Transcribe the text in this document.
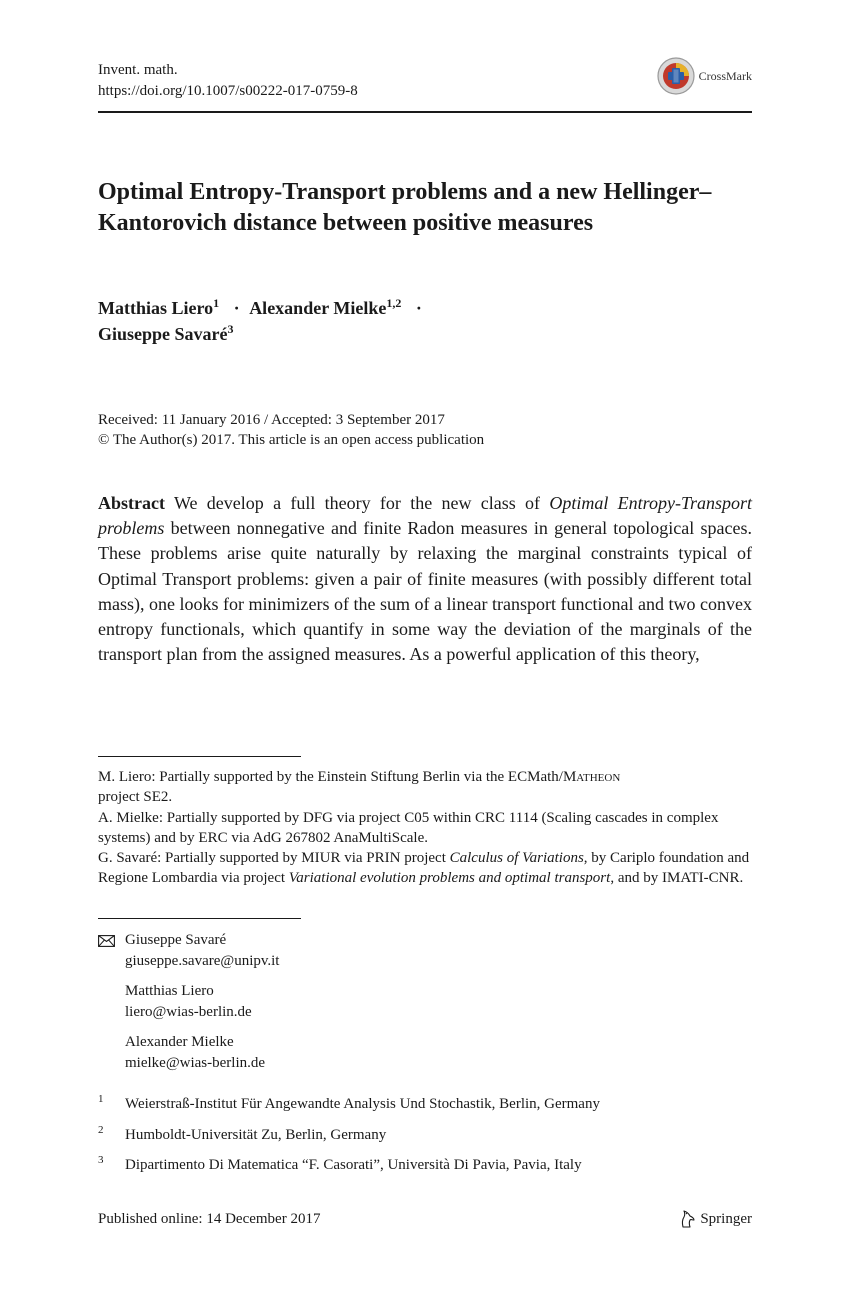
Invent. math.
https://doi.org/10.1007/s00222-017-0759-8
CrossMark
Optimal Entropy-Transport problems and a new Hellinger–Kantorovich distance between positive measures
Matthias Liero$^1$ · Alexander Mielke$^{1,2}$ ·
Giuseppe Savaré$^3$
Received: 11 January 2016 / Accepted: 3 September 2017
© The Author(s) 2017. This article is an open access publication

Abstract We develop a full theory for the new class of Optimal Entropy-Transport problems between nonnegative and finite Radon measures in general topological spaces. These problems arise quite naturally by relaxing the marginal constraints typical of Optimal Transport problems: given a pair of finite measures (with possibly different total mass), one looks for minimizers of the sum of a linear transport functional and two convex entropy functionals, which quantify in some way the deviation of the marginals of the transport plan from the assigned measures. As a powerful application of this theory,

M. Liero: Partially supported by the Einstein Stiftung Berlin via the ECMath/Matheon
project SE2.

A. Mielke: Partially supported by DFG via project C05 within CRC 1114 (Scaling cascades in complex systems) and by ERC via AdG 267802 AnaMultiScale.

G. Savaré: Partially supported by MIUR via PRIN project Calculus of Variations, by Cariplo foundation and Regione Lombardia via project Variational evolution problems and optimal transport, and by IMATI-CNR.

Giuseppe Savaré
giuseppe.savare@unipv.it
Matthias Liero
liero@wias-berlin.de
Alexander Mielke
mielke@wias-berlin.de
1 Weierstraß-Institut Für Angewandte Analysis Und Stochastik, Berlin, Germany
2 Humboldt-Universität Zu, Berlin, Germany
3 Dipartimento Di Matematica “F. Casorati”, Università Di Pavia, Pavia, Italy
Published online: 14 December 2017	Springer
